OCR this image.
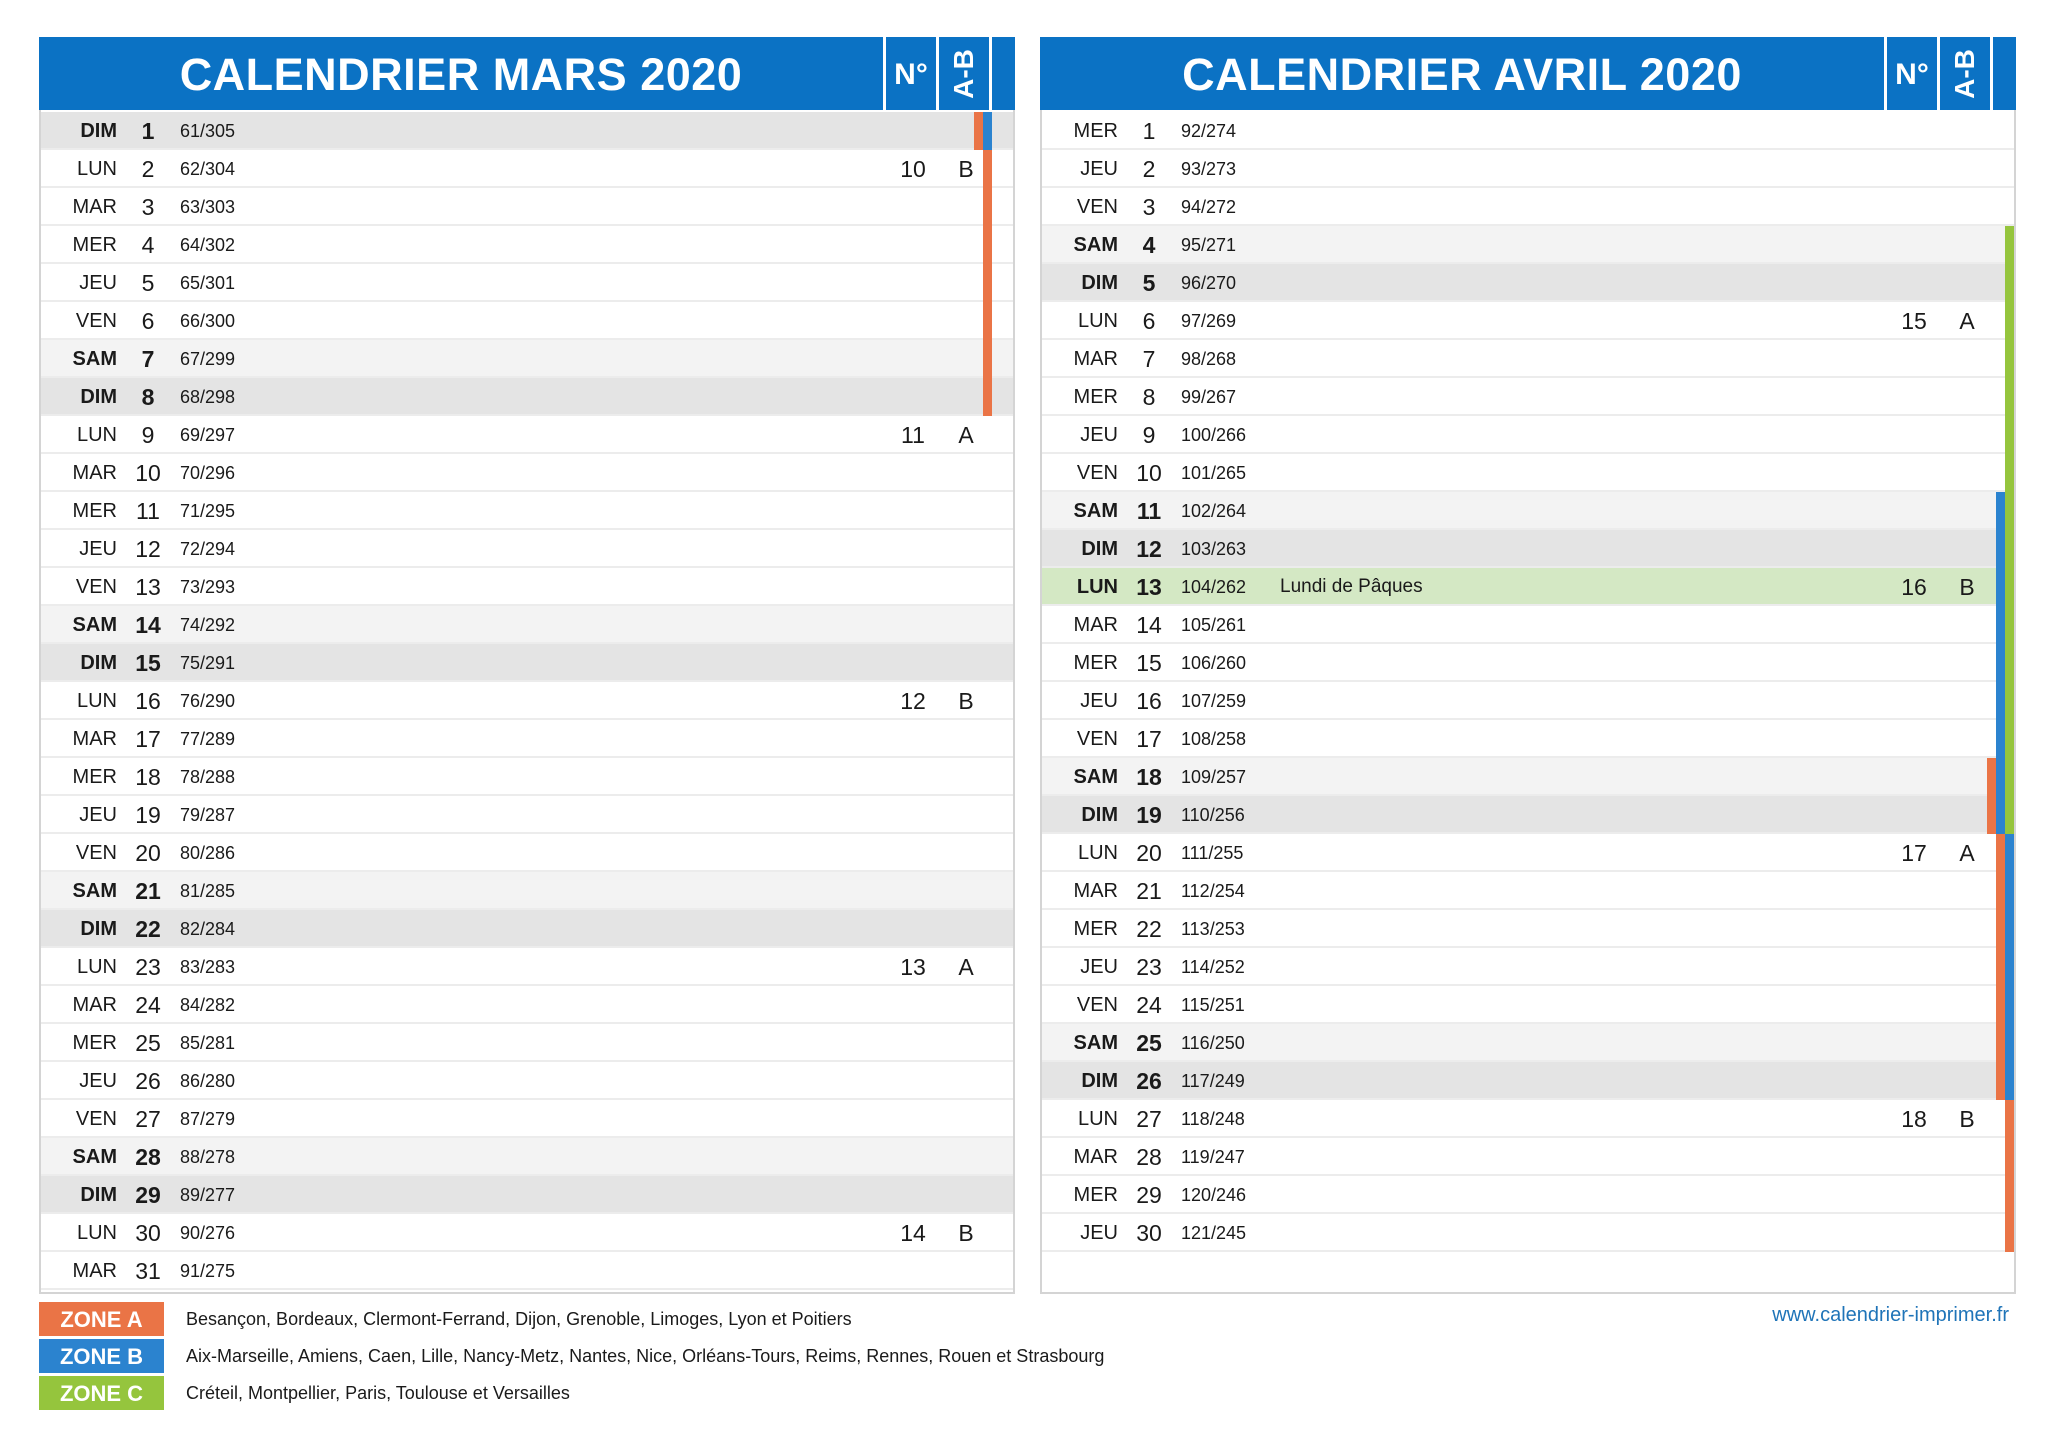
CALENDRIER MARS 2020	N° A-B
DIM	1	61/305
LUN	2	62/304	10	B
MAR	3	63/303
MER	4	64/302
JEU	5	65/301
VEN	6	66/300
SAM	7	67/299
DIM	8	68/298
LUN	9	69/297	11	A
MAR 10	70/296
MER 11	71/295
JEU 12	72/294
VEN 13	73/293
SAM 14	74/292
DIM 15	75/291
LUN 16	76/290	12	B
MAR 17	77/289
MER 18	78/288
JEU 19	79/287
VEN 20	80/286
SAM 21	81/285
DIM 22	82/284
LUN 23	83/283	13	A
MAR 24	84/282
MER 25	85/281
JEU 26	86/280
VEN 27	87/279
SAM 28	88/278
DIM 29	89/277
LUN 30	90/276	14	B
MAR 31	91/275
CALENDRIER AVRIL 2020	N° A-B
MER	1	92/274
JEU	2	93/273
VEN	3	94/272
SAM	4	95/271
DIM	5	96/270
LUN	6	97/269	15	A
MAR	7	98/268
MER	8	99/267
JEU	9	100/266
VEN 10	101/265
SAM 11	102/264
DIM 12	103/263
LUN 13	104/262 Lundi de Pâques	16	B
MAR 14	105/261
MER 15	106/260
JEU 16	107/259
VEN 17	108/258
SAM 18	109/257
DIM 19	110/256
LUN 20	111/255	17	A
MAR 21	112/254
MER 22	113/253
JEU 23	114/252
VEN 24	115/251
SAM 25	116/250
DIM 26	117/249
LUN 27	118/248	18	B
MAR 28	119/247
MER 29	120/246
JEU 30	121/245
ZONE A	Besançon, Bordeaux, Clermont-Ferrand, Dijon, Grenoble, Limoges, Lyon et Poitiers
ZONE B	Aix-Marseille, Amiens, Caen, Lille, Nancy-Metz, Nantes, Nice, Orléans-Tours, Reims, Rennes, Rouen et Strasbourg
ZONE C	Créteil, Montpellier, Paris, Toulouse et Versailles
www.calendrier-imprimer.fr
